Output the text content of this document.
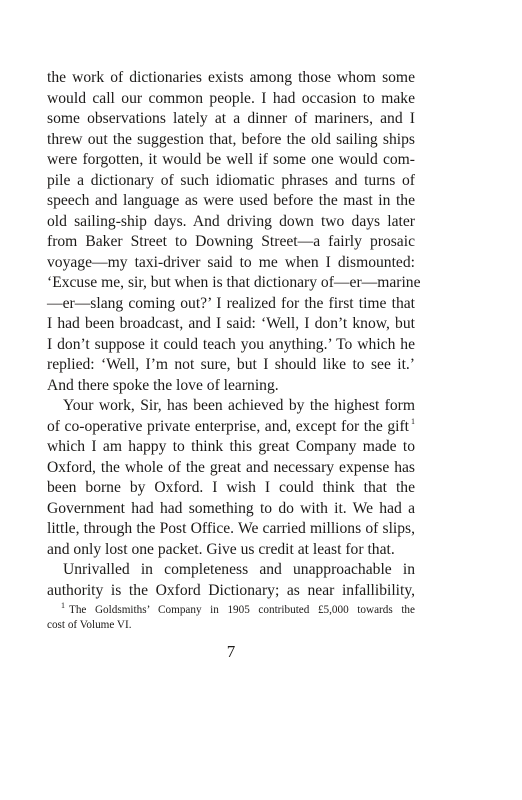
the work of dictionaries exists among those whom some
would call our common people. I had occasion to make
some observations lately at a dinner of mariners, and I
threw out the suggestion that, before the old sailing ships
were forgotten, it would be well if some one would com-
pile a dictionary of such idiomatic phrases and turns of
speech and language as were used before the mast in the
old sailing-ship days. And driving down two days later
from Baker Street to Downing Street—a fairly prosaic
voyage—my taxi-driver said to me when I dismounted:
‘Excuse me, sir, but when is that dictionary of—er—marine
—er—slang coming out?’ I realized for the first time that
I had been broadcast, and I said: ‘Well, I don’t know, but
I don’t suppose it could teach you anything.’ To which he
replied: ‘Well, I’m not sure, but I should like to see it.’
And there spoke the love of learning.
Your work, Sir, has been achieved by the highest form
of co-operative private enterprise, and, except for the gift $^1$
which I am happy to think this great Company made to
Oxford, the whole of the great and necessary expense has
been borne by Oxford. I wish I could think that the
Government had had something to do with it. We had a
little, through the Post Office. We carried millions of slips,
and only lost one packet. Give us credit at least for that.
Unrivalled in completeness and unapproachable in
authority is the Oxford Dictionary; as near infallibility,
$^1$ The Goldsmiths’ Company in 1905 contributed £5,000 towards the
cost of Volume VI.
7
